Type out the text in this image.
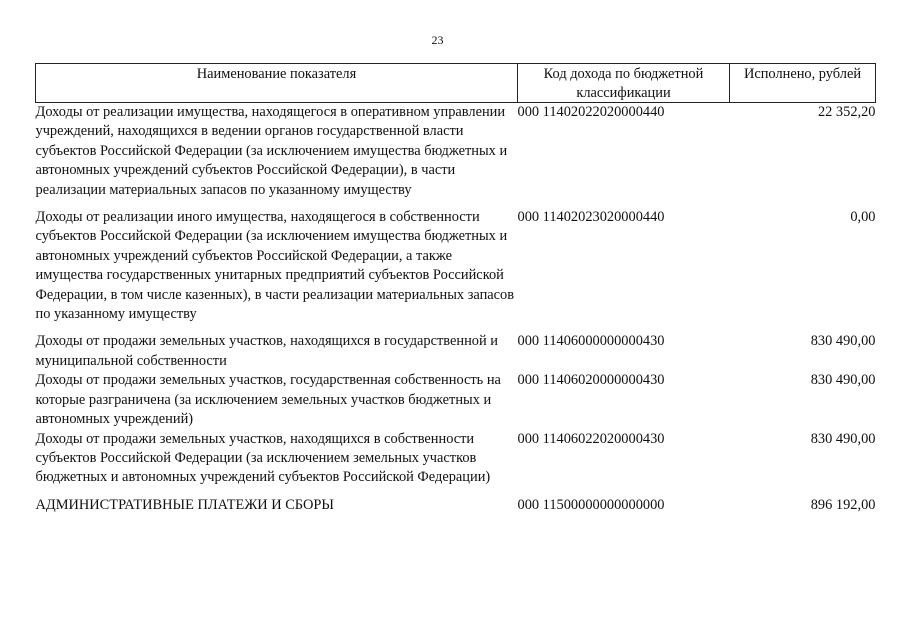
23
Наименование показателя	Код дохода по бюджетной классификации	Исполнено, рублей
Доходы от реализации имущества, находящегося в оперативном управлении учреждений, находящихся в ведении органов государственной власти субъектов Российской Федерации (за исключением имущества бюджетных и автономных учреждений субъектов Российской Федерации), в части реализации материальных запасов по указанному имуществу	000 11402022020000440	22 352,20
Доходы от реализации иного имущества, находящегося в собственности субъектов Российской Федерации (за исключением имущества бюджетных и автономных учреждений субъектов Российской Федерации, а также имущества государственных унитарных предприятий субъектов Российской Федерации, в том числе казенных), в части реализации материальных запасов по указанному имуществу	000 11402023020000440	0,00
Доходы от продажи земельных участков, находящихся в государственной и муниципальной собственности	000 11406000000000430	830 490,00
Доходы от продажи земельных участков, государственная собственность на которые разграничена (за исключением земельных участков бюджетных и автономных учреждений)	000 11406020000000430	830 490,00
Доходы от продажи земельных участков, находящихся в собственности субъектов Российской Федерации (за исключением земельных участков бюджетных и автономных учреждений субъектов Российской Федерации)	000 11406022020000430	830 490,00
АДМИНИСТРАТИВНЫЕ ПЛАТЕЖИ И СБОРЫ	000 11500000000000000	896 192,00
